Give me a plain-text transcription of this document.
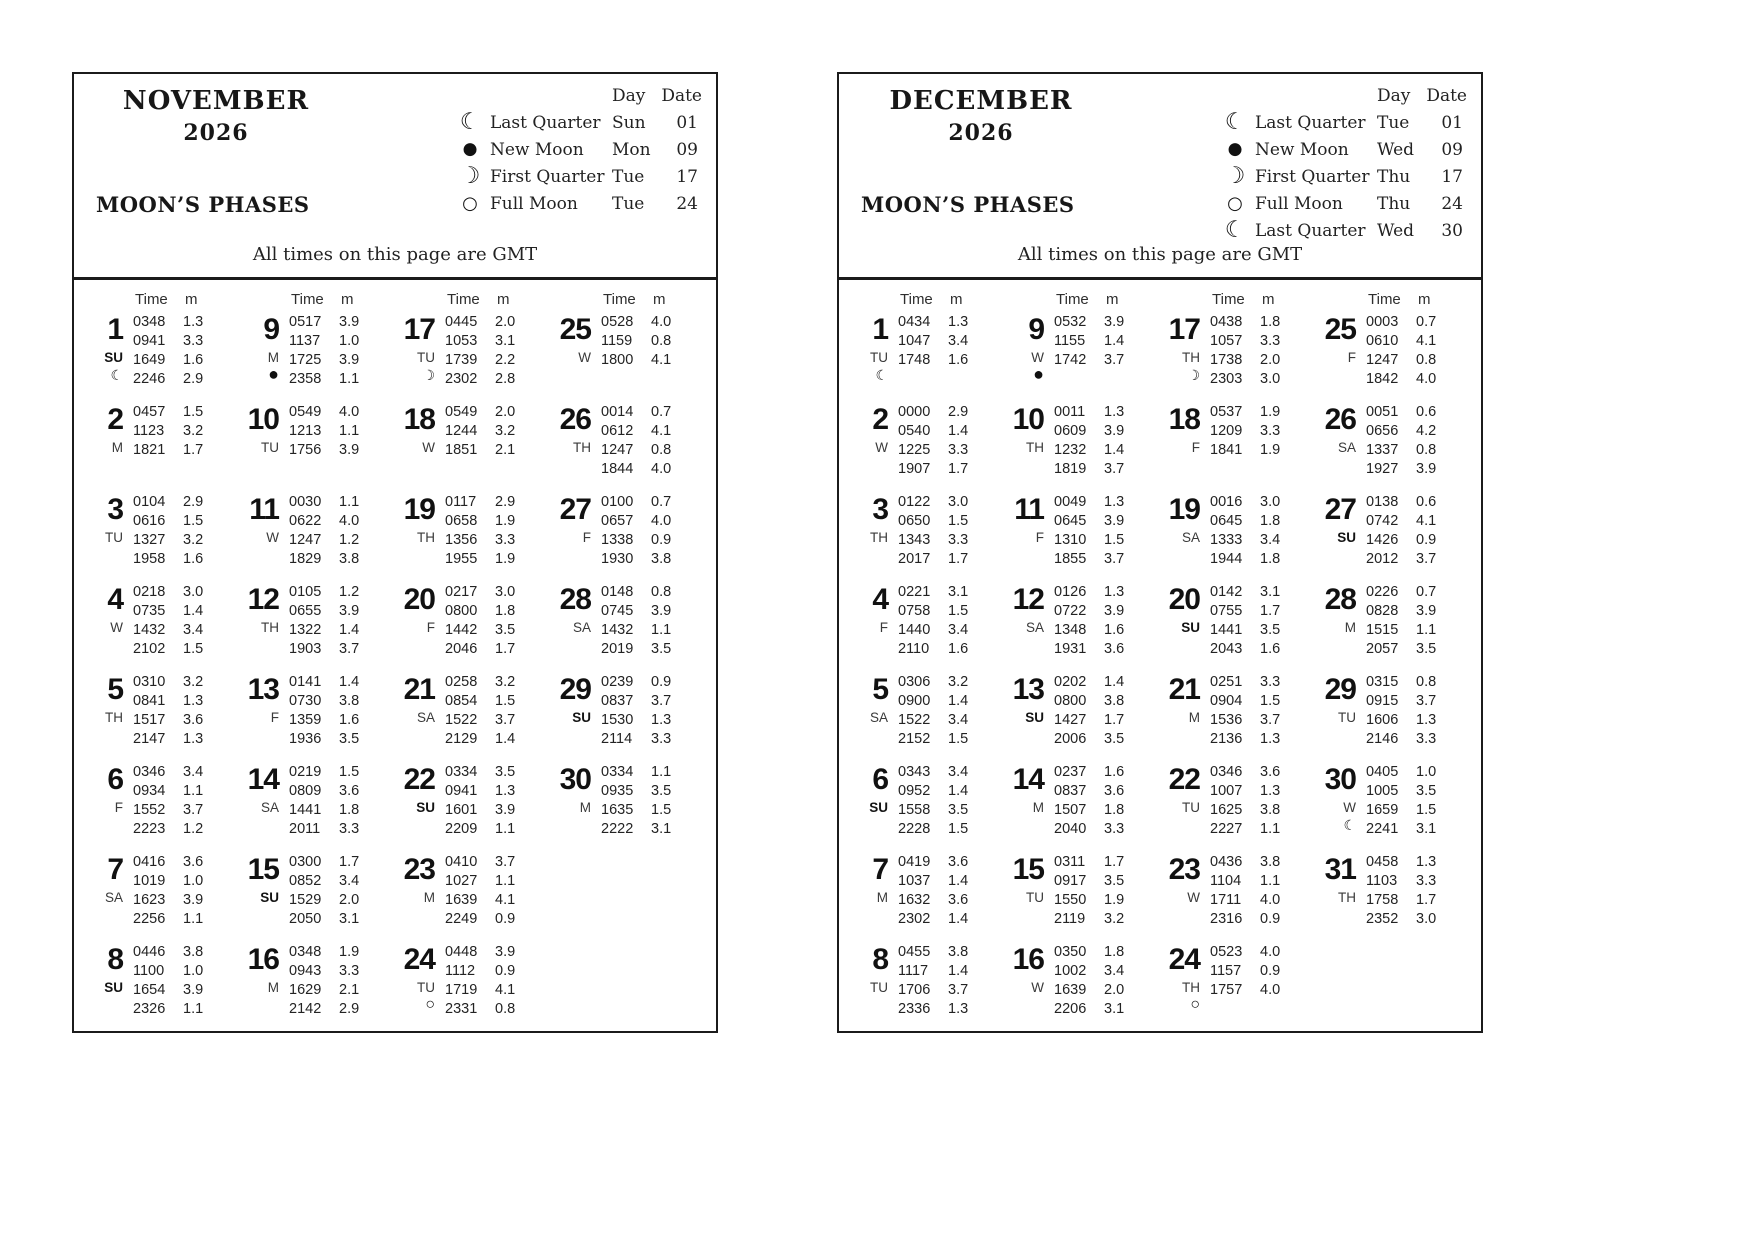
NOVEMBER
2026
MOON’S PHASES
Day Date
☾ Last Quarter Sun	01
● New Moon	Mon	09
☽ First Quarter Tue	17
○ Full Moon	Tue	24
All times on this page are GMT
Time	m
1
SU
☾
0348	1.3
0941	3.3
1649	1.6
2246	2.9
2
M
0457	1.5
1123	3.2
1821	1.7
3
TU
0104	2.9
0616	1.5
1327	3.2
1958	1.6
4
W
0218	3.0
0735	1.4
1432	3.4
2102	1.5
5
TH
0310	3.2
0841	1.3
1517	3.6
2147	1.3
6
F
0346	3.4
0934	1.1
1552	3.7
2223	1.2
7
SA
0416	3.6
1019	1.0
1623	3.9
2256	1.1
8
SU
0446	3.8
1100	1.0
1654	3.9
2326	1.1
Time	m
9
M
●
0517	3.9
1137	1.0
1725	3.9
2358	1.1
10
TU
0549	4.0
1213	1.1
1756	3.9
11
W
0030	1.1
0622	4.0
1247	1.2
1829	3.8
12
TH
0105	1.2
0655	3.9
1322	1.4
1903	3.7
13
F
0141	1.4
0730	3.8
1359	1.6
1936	3.5
14
SA
0219	1.5
0809	3.6
1441	1.8
2011	3.3
15
SU
0300	1.7
0852	3.4
1529	2.0
2050	3.1
16
M
0348	1.9
0943	3.3
1629	2.1
2142	2.9
Time	m
17
TU
☽
0445	2.0
1053	3.1
1739	2.2
2302	2.8
18
W
0549	2.0
1244	3.2
1851	2.1
19
TH
0117	2.9
0658	1.9
1356	3.3
1955	1.9
20
F
0217	3.0
0800	1.8
1442	3.5
2046	1.7
21
SA
0258	3.2
0854	1.5
1522	3.7
2129	1.4
22
SU
0334	3.5
0941	1.3
1601	3.9
2209	1.1
23
M
0410	3.7
1027	1.1
1639	4.1
2249	0.9
24
TU
○
0448	3.9
1112	0.9
1719	4.1
2331	0.8
Time	m
25
W
0528	4.0
1159	0.8
1800	4.1
26
TH
0014	0.7
0612	4.1
1247	0.8
1844	4.0
27
F
0100	0.7
0657	4.0
1338	0.9
1930	3.8
28
SA
0148	0.8
0745	3.9
1432	1.1
2019	3.5
29
SU
0239	0.9
0837	3.7
1530	1.3
2114	3.3
30
M
0334	1.1
0935	3.5
1635	1.5
2222	3.1
DECEMBER
2026
MOON’S PHASES
Day Date
☾ Last Quarter Tue	01
● New Moon	Wed	09
☽ First Quarter Thu	17
○ Full Moon	Thu	24
☾ Last Quarter Wed	30
All times on this page are GMT
Time	m
1
TU
☾
0434	1.3
1047	3.4
1748	1.6
2
W
0000	2.9
0540	1.4
1225	3.3
1907	1.7
3
TH
0122	3.0
0650	1.5
1343	3.3
2017	1.7
4
F
0221	3.1
0758	1.5
1440	3.4
2110	1.6
5
SA
0306	3.2
0900	1.4
1522	3.4
2152	1.5
6
SU
0343	3.4
0952	1.4
1558	3.5
2228	1.5
7
M
0419	3.6
1037	1.4
1632	3.6
2302	1.4
8
TU
0455	3.8
1117	1.4
1706	3.7
2336	1.3
Time	m
9
W
●
0532	3.9
1155	1.4
1742	3.7
10
TH
0011	1.3
0609	3.9
1232	1.4
1819	3.7
11
F
0049	1.3
0645	3.9
1310	1.5
1855	3.7
12
SA
0126	1.3
0722	3.9
1348	1.6
1931	3.6
13
SU
0202	1.4
0800	3.8
1427	1.7
2006	3.5
14
M
0237	1.6
0837	3.6
1507	1.8
2040	3.3
15
TU
0311	1.7
0917	3.5
1550	1.9
2119	3.2
16
W
0350	1.8
1002	3.4
1639	2.0
2206	3.1
Time	m
17
TH
☽
0438	1.8
1057	3.3
1738	2.0
2303	3.0
18
F
0537	1.9
1209	3.3
1841	1.9
19
SA
0016	3.0
0645	1.8
1333	3.4
1944	1.8
20
SU
0142	3.1
0755	1.7
1441	3.5
2043	1.6
21
M
0251	3.3
0904	1.5
1536	3.7
2136	1.3
22
TU
0346	3.6
1007	1.3
1625	3.8
2227	1.1
23
W
0436	3.8
1104	1.1
1711	4.0
2316	0.9
24
TH
○
0523	4.0
1157	0.9
1757	4.0
Time	m
25
F
0003	0.7
0610	4.1
1247	0.8
1842	4.0
26
SA
0051	0.6
0656	4.2
1337	0.8
1927	3.9
27
SU
0138	0.6
0742	4.1
1426	0.9
2012	3.7
28
M
0226	0.7
0828	3.9
1515	1.1
2057	3.5
29
TU
0315	0.8
0915	3.7
1606	1.3
2146	3.3
30
W
☾
0405	1.0
1005	3.5
1659	1.5
2241	3.1
31
TH
0458	1.3
1103	3.3
1758	1.7
2352	3.0
